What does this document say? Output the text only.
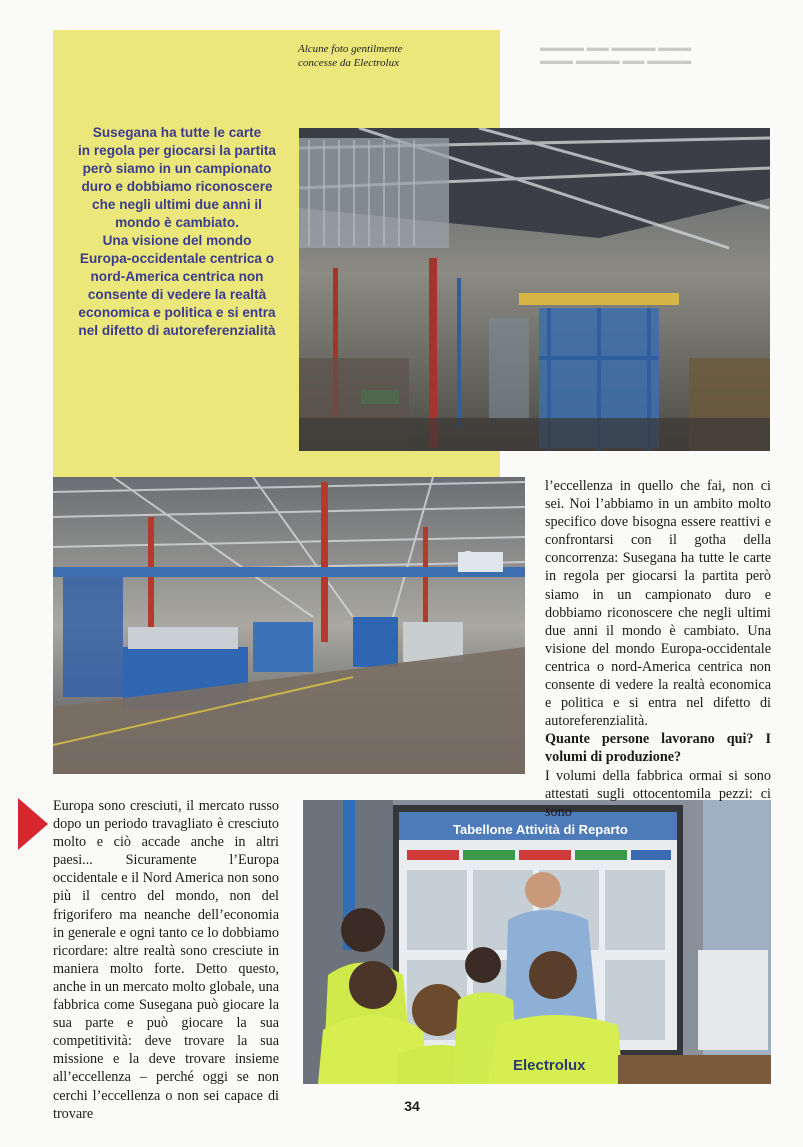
▬▬▬▬ ▬▬ ▬▬▬▬ ▬▬▬
▬▬▬ ▬▬▬▬ ▬▬ ▬▬▬▬
Alcune foto gentilmente
concesse da Electrolux
Susegana ha tutte le carte
in regola per giocarsi la partita
però siamo in un campionato
duro e dobbiamo riconoscere
che negli ultimi due anni il
mondo è cambiato.
Una visione del mondo
Europa-occidentale centrica o
nord-America centrica non
consente di vedere la realtà
economica e politica e si entra
nel difetto di autoreferenzialità
Tabellone Attività di Reparto
Electrolux

l’eccellenza in quello che fai, non ci sei. Noi l’abbiamo in un ambito molto specifico dove bisogna essere reattivi e confrontarsi con il gotha della concorrenza: Susegana ha tutte le carte in regola per giocarsi la partita però siamo in un campionato duro e dobbiamo riconoscere che negli ultimi due anni il mondo è cambiato. Una visione del mondo Europa-occidentale centrica o nord-America centrica non consente di vedere la realtà economica e politica e si entra nel difetto di autoreferenzialità.

Quante persone lavorano qui? I volumi di produzione?

I volumi della fabbrica ormai si sono attestati sugli ottocentomila pezzi: ci sono

Europa sono cresciuti, il mercato russo dopo un periodo travagliato è cresciuto molto e ciò accade anche in altri paesi... Sicuramente l’Europa occidentale e il Nord America non sono più il centro del mondo, non del frigorifero ma neanche dell’economia in generale e ogni tanto ce lo dobbiamo ricordare: altre realtà sono cresciute in maniera molto forte. Detto questo, anche in un mercato molto globale, una fabbrica come Susegana può giocare la sua parte e può giocare la sua competitività: deve trovare la sua missione e la deve trovare insieme all’eccellenza – perché oggi se non cerchi l’eccellenza o non sei capace di trovare	34
